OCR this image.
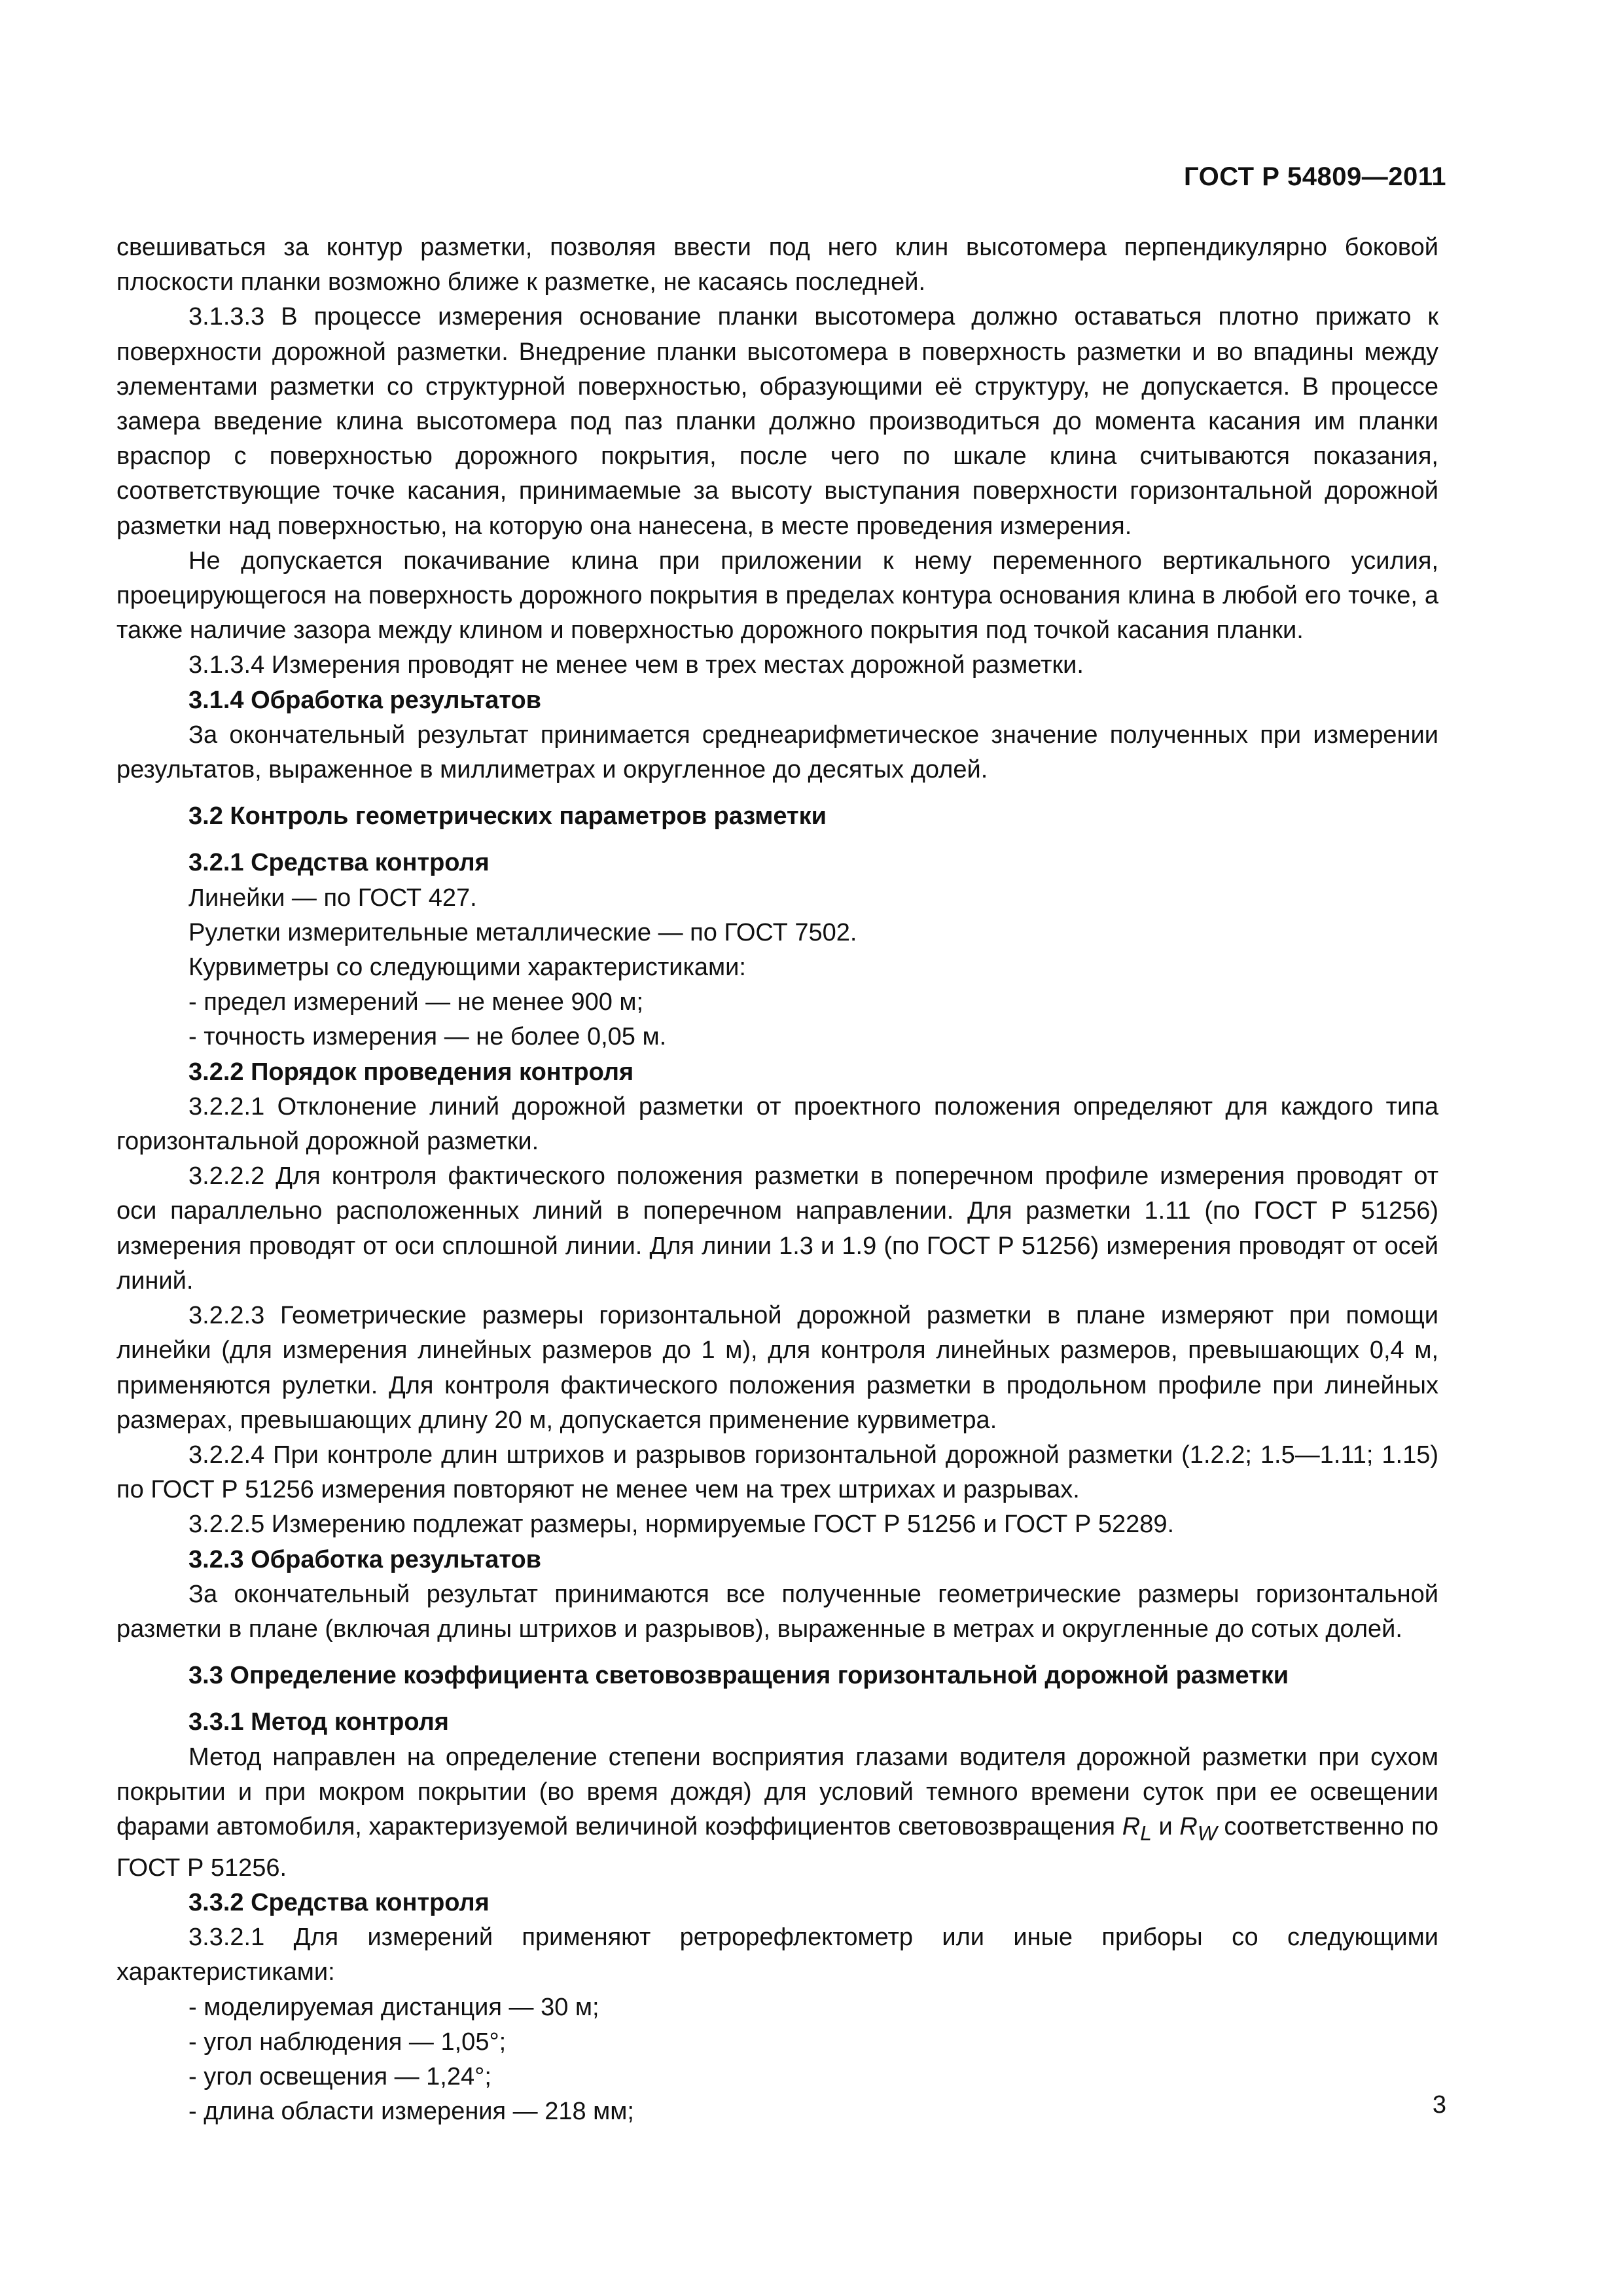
ГОСТ Р 54809—2011

свешиваться за контур разметки, позволяя ввести под него клин высотомера перпендикулярно боковой плоскости планки возможно ближе к разметке, не касаясь последней.

3.1.3.3 В процессе измерения основание планки высотомера должно оставаться плотно прижато к поверхности дорожной разметки. Внедрение планки высотомера в поверхность разметки и во впадины между элементами разметки со структурной поверхностью, образующими её структуру, не допускается. В процессе замера введение клина высотомера под паз планки должно производиться до момента касания им планки враспор с поверхностью дорожного покрытия, после чего по шкале клина считываются показания, соответствующие точке касания, принимаемые за высоту выступания поверхности горизонтальной дорожной разметки над поверхностью, на которую она нанесена, в месте проведения измерения.

Не допускается покачивание клина при приложении к нему переменного вертикального усилия, проецирующегося на поверхность дорожного покрытия в пределах контура основания клина в любой его точке, а также наличие зазора между клином и поверхностью дорожного покрытия под точкой касания планки.

3.1.3.4 Измерения проводят не менее чем в трех местах дорожной разметки.

3.1.4 Обработка результатов

За окончательный результат принимается среднеарифметическое значение полученных при измерении результатов, выраженное в миллиметрах и округленное до десятых долей.

3.2 Контроль геометрических параметров разметки

3.2.1 Средства контроля

Линейки — по ГОСТ 427.

Рулетки измерительные металлические — по ГОСТ 7502.

Курвиметры со следующими характеристиками:

- предел измерений — не менее 900 м;

- точность измерения — не более 0,05 м.

3.2.2 Порядок проведения контроля

3.2.2.1 Отклонение линий дорожной разметки от проектного положения определяют для каждого типа горизонтальной дорожной разметки.

3.2.2.2 Для контроля фактического положения разметки в поперечном профиле измерения проводят от оси параллельно расположенных линий в поперечном направлении. Для разметки 1.11 (по ГОСТ Р 51256) измерения проводят от оси сплошной линии. Для линии 1.3 и 1.9 (по ГОСТ Р 51256) измерения проводят от осей линий.

3.2.2.3 Геометрические размеры горизонтальной дорожной разметки в плане измеряют при помощи линейки (для измерения линейных размеров до 1 м), для контроля линейных размеров, превышающих 0,4 м, применяются рулетки. Для контроля фактического положения разметки в продольном профиле при линейных размерах, превышающих длину 20 м, допускается применение курвиметра.

3.2.2.4 При контроле длин штрихов и разрывов горизонтальной дорожной разметки (1.2.2; 1.5—1.11; 1.15) по ГОСТ Р 51256 измерения повторяют не менее чем на трех штрихах и разрывах.

3.2.2.5 Измерению подлежат размеры, нормируемые ГОСТ Р 51256 и ГОСТ Р 52289.

3.2.3 Обработка результатов

За окончательный результат принимаются все полученные геометрические размеры горизонтальной разметки в плане (включая длины штрихов и разрывов), выраженные в метрах и округленные до сотых долей.

3.3 Определение коэффициента световозвращения горизонтальной дорожной разметки

3.3.1 Метод контроля

Метод направлен на определение степени восприятия глазами водителя дорожной разметки при сухом покрытии и при мокром покрытии (во время дождя) для условий темного времени суток при ее освещении фарами автомобиля, характеризуемой величиной коэффициентов световозвращения $R_L$ и $R_W$ соответственно по ГОСТ Р 51256.

3.3.2 Средства контроля

3.3.2.1 Для измерений применяют ретрорефлектометр или иные приборы со следующими характеристиками:

- моделируемая дистанция — 30 м;

- угол наблюдения — 1,05°;

- угол освещения — 1,24°;

- длина области измерения — 218 мм;	3
